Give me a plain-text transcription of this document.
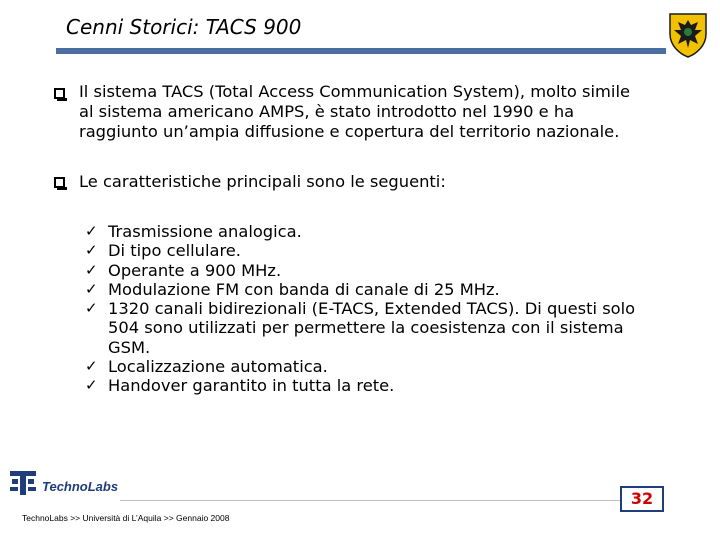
Cenni Storici: TACS 900
Il sistema TACS (Total Access Communication System), molto simile
al sistema americano AMPS, è stato introdotto nel 1990 e ha
raggiunto un’ampia diffusione e copertura del territorio nazionale.
Le caratteristiche principali sono le seguenti:
✓ Trasmissione analogica.
✓ Di tipo cellulare.
✓ Operante a 900 MHz.
✓ Modulazione FM con banda di canale di 25 MHz.
✓ 1320 canali bidirezionali (E-TACS, Extended TACS). Di questi solo
504 sono utilizzati per permettere la coesistenza con il sistema
GSM.
✓ Localizzazione automatica.
✓ Handover garantito in tutta la rete.
TechnoLabs
TechnoLabs >> Università di L’Aquila >> Gennaio 2008
32
